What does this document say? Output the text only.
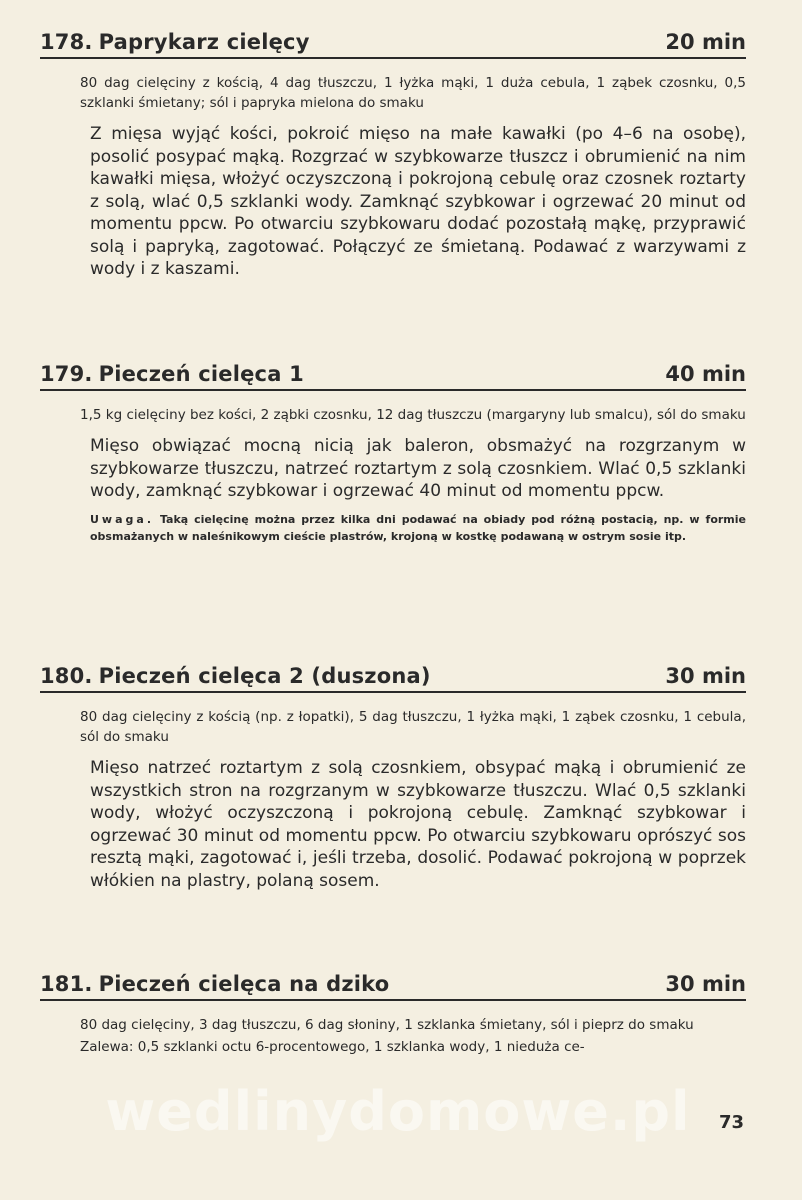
178. Paprykarz cielęcy	20 min
80 dag cielęciny z kością, 4 dag tłuszczu, 1 łyżka mąki, 1 duża cebula, 1 ząbek czosnku, 0,5 szklanki śmietany; sól i papryka mielona do smaku
Z mięsa wyjąć kości, pokroić mięso na małe kawałki (po 4–6 na osobę), posolić posypać mąką. Rozgrzać w szybkowarze tłuszcz i obrumienić na nim kawałki mięsa, włożyć oczyszczoną i pokrojoną cebulę oraz czosnek roztarty z solą, wlać 0,5 szklanki wody. Zamknąć szybkowar i ogrzewać 20 minut od momentu ppcw. Po otwarciu szybkowaru dodać pozostałą mąkę, przyprawić solą i papryką, zagotować. Połączyć ze śmietaną. Podawać z warzywami z wody i z kaszami.
179. Pieczeń cielęca 1	40 min
1,5 kg cielęciny bez kości, 2 ząbki czosnku, 12 dag tłuszczu (margaryny lub smalcu), sól do smaku
Mięso obwiązać mocną nicią jak baleron, obsmażyć na rozgrzanym w szybkowarze tłuszczu, natrzeć roztartym z solą czosnkiem. Wlać 0,5 szklanki wody, zamknąć szybkowar i ogrzewać 40 minut od momentu ppcw.
Uwaga. Taką cielęcinę można przez kilka dni podawać na obiady pod różną postacią, np. w formie obsmażanych w naleśnikowym cieście plastrów, krojoną w kostkę podawaną w ostrym sosie itp.
180. Pieczeń cielęca 2 (duszona)	30 min
80 dag cielęciny z kością (np. z łopatki), 5 dag tłuszczu, 1 łyżka mąki, 1 ząbek czosnku, 1 cebula, sól do smaku
Mięso natrzeć roztartym z solą czosnkiem, obsypać mąką i obrumienić ze wszystkich stron na rozgrzanym w szybkowarze tłuszczu. Wlać 0,5 szklanki wody, włożyć oczyszczoną i pokrojoną cebulę. Zamknąć szybkowar i ogrzewać 30 minut od momentu ppcw. Po otwarciu szybkowaru oprószyć sos resztą mąki, zagotować i, jeśli trzeba, dosolić. Podawać pokrojoną w poprzek włókien na plastry, polaną sosem.
181. Pieczeń cielęca na dziko	30 min
80 dag cielęciny, 3 dag tłuszczu, 6 dag słoniny, 1 szklanka śmietany, sól i pieprz do smaku
Zalewa: 0,5 szklanki octu 6-procentowego, 1 szklanka wody, 1 nieduża ce-
wedlinydomowe.pl	73
